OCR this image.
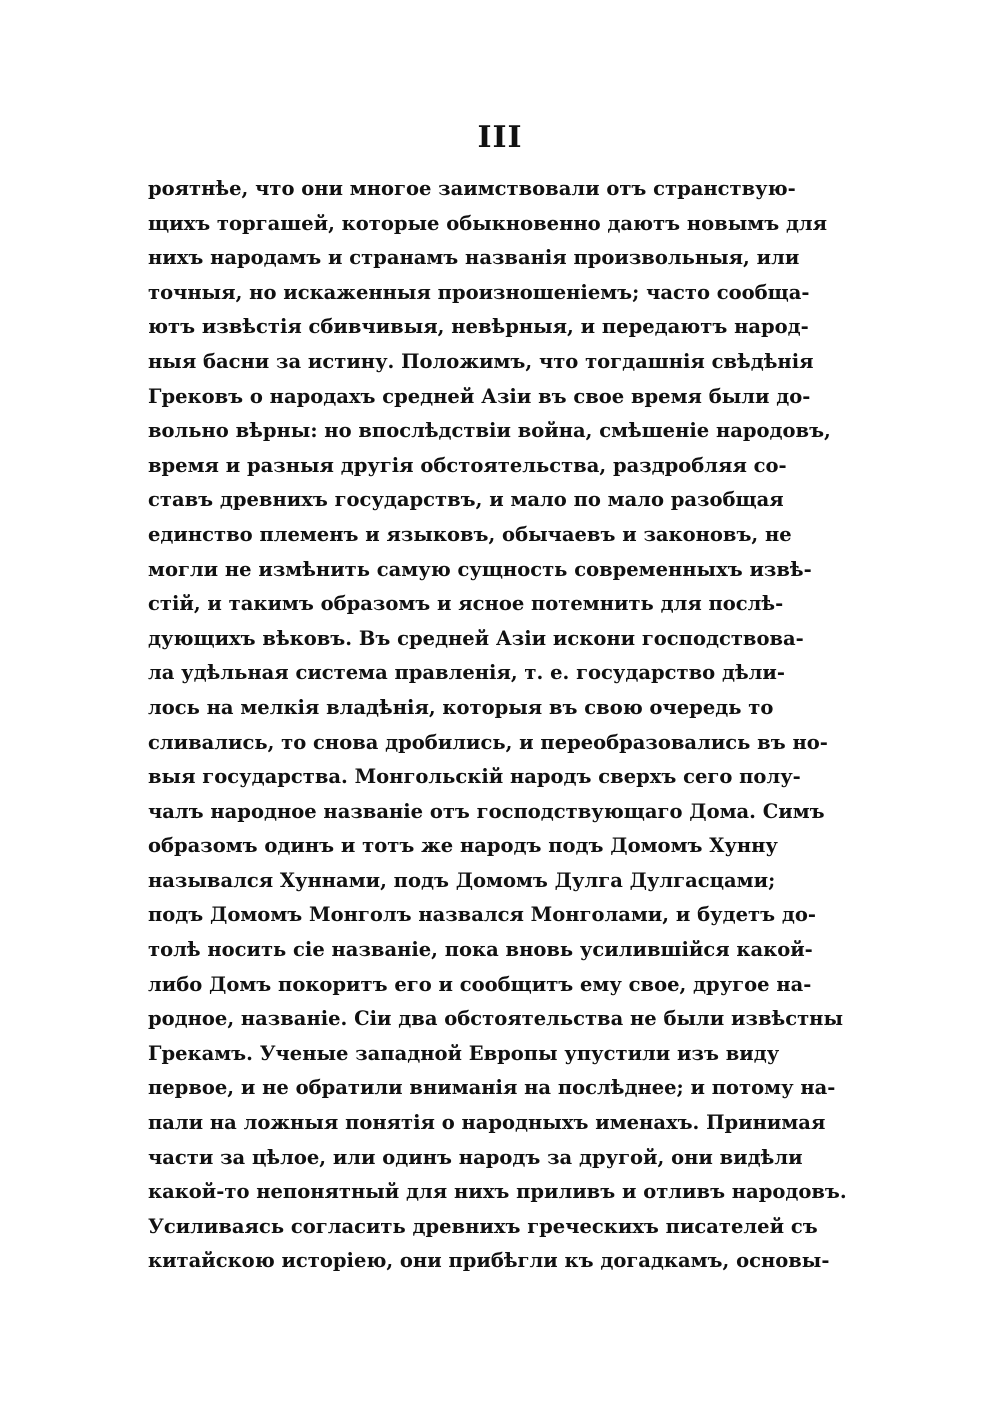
III
роятнѣе, что они многое заимствовали отъ странствую-
щихъ торгашей, которые обыкновенно даютъ новымъ для
нихъ народамъ и странамъ названія произвольныя, или
точныя, но искаженныя произношеніемъ; часто сообща-
ютъ извѣстія сбивчивыя, невѣрныя, и передаютъ народ-
ныя басни за истину. Положимъ, что тогдашнія свѣдѣнія
Грековъ о народахъ средней Азіи въ свое время были до-
вольно вѣрны: но впослѣдствіи война, смѣшеніе народовъ,
время и разныя другія обстоятельства, раздробляя со-
ставъ древнихъ государствъ, и мало по мало разобщая
единство племенъ и языковъ, обычаевъ и законовъ, не
могли не измѣнить самую сущность современныхъ извѣ-
стій, и такимъ образомъ и ясное потемнить для послѣ-
дующихъ вѣковъ. Въ средней Азіи искони господствова-
ла удѣльная система правленія, т. е. государство дѣли-
лось на мелкія владѣнія, которыя въ свою очередь то
сливались, то снова дробились, и переобразовались въ но-
выя государства. Монгольскій народъ сверхъ сего полу-
чалъ народное названіе отъ господствующаго Дома. Симъ
образомъ одинъ и тотъ же народъ подъ Домомъ Хунну
назывался Хуннами, подъ Домомъ Дулга Дулгасцами;
подъ Домомъ Монголъ назвался Монголами, и будетъ до-
толѣ носить сіе названіе, пока вновь усилившійся какой-
либо Домъ покоритъ его и сообщитъ ему свое, другое на-
родное, названіе. Сіи два обстоятельства не были извѣстны
Грекамъ. Ученые западной Европы упустили изъ виду
первое, и не обратили вниманія на послѣднее; и потому на-
пали на ложныя понятія о народныхъ именахъ. Принимая
части за цѣлое, или одинъ народъ за другой, они видѣли
какой-то непонятный для нихъ приливъ и отливъ народовъ.
Усиливаясь согласить древнихъ греческихъ писателей съ
китайскою исторіею, они прибѣгли къ догадкамъ, основы-
